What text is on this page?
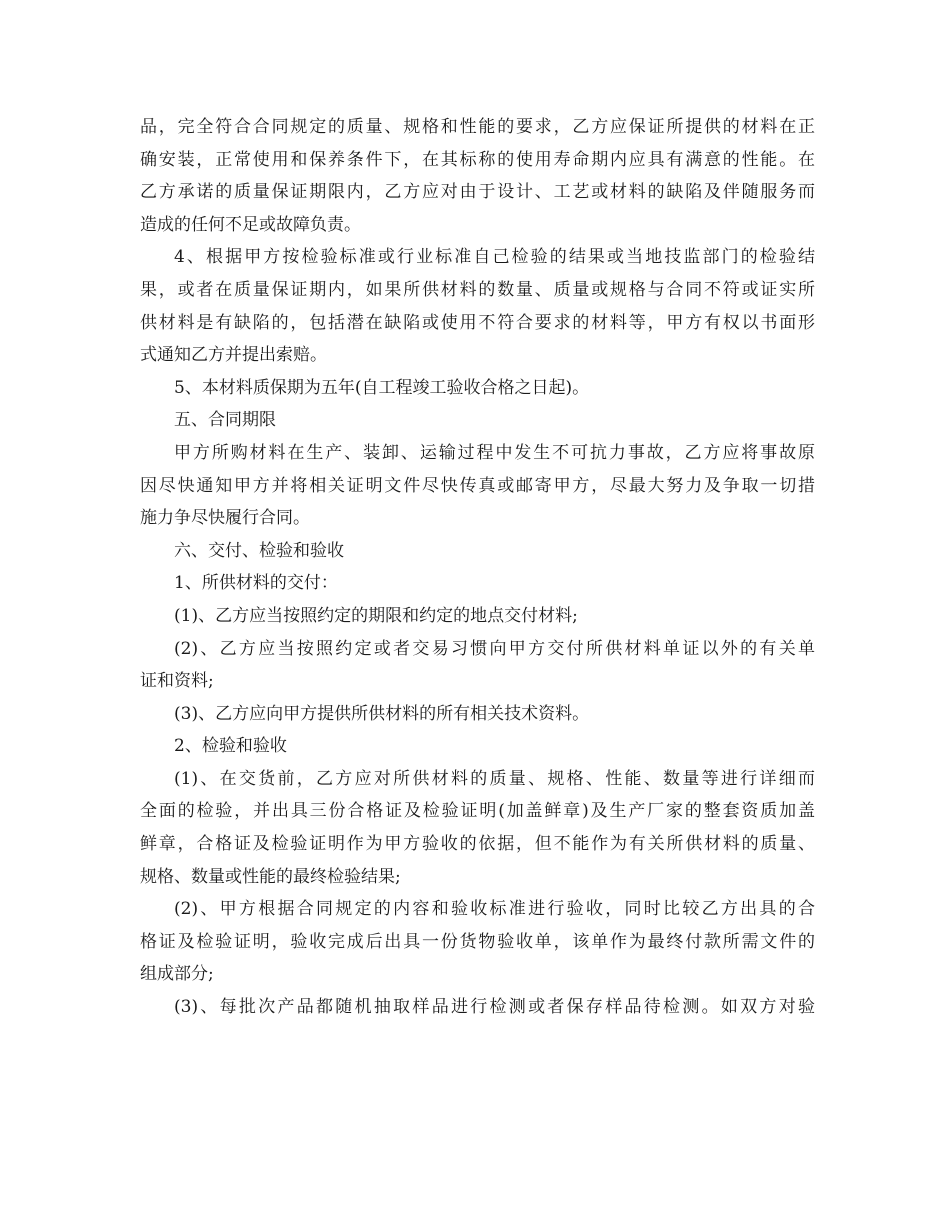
品，完全符合合同规定的质量、规格和性能的要求，乙方应保证所提供的材料在正
确安装，正常使用和保养条件下，在其标称的使用寿命期内应具有满意的性能。在
乙方承诺的质量保证期限内，乙方应对由于设计、工艺或材料的缺陷及伴随服务而
造成的任何不足或故障负责。
4、根据甲方按检验标准或行业标准自己检验的结果或当地技监部门的检验结
果，或者在质量保证期内，如果所供材料的数量、质量或规格与合同不符或证实所
供材料是有缺陷的，包括潜在缺陷或使用不符合要求的材料等，甲方有权以书面形
式通知乙方并提出索赔。
5、本材料质保期为五年(自工程竣工验收合格之日起)。
五、合同期限
甲方所购材料在生产、装卸、运输过程中发生不可抗力事故，乙方应将事故原
因尽快通知甲方并将相关证明文件尽快传真或邮寄甲方，尽最大努力及争取一切措
施力争尽快履行合同。
六、交付、检验和验收
1、所供材料的交付：
(1)、乙方应当按照约定的期限和约定的地点交付材料;
(2)、乙方应当按照约定或者交易习惯向甲方交付所供材料单证以外的有关单
证和资料;
(3)、乙方应向甲方提供所供材料的所有相关技术资料。
2、检验和验收
(1)、在交货前，乙方应对所供材料的质量、规格、性能、数量等进行详细而
全面的检验，并出具三份合格证及检验证明(加盖鲜章)及生产厂家的整套资质加盖
鲜章，合格证及检验证明作为甲方验收的依据，但不能作为有关所供材料的质量、
规格、数量或性能的最终检验结果;
(2)、甲方根据合同规定的内容和验收标准进行验收，同时比较乙方出具的合
格证及检验证明，验收完成后出具一份货物验收单，该单作为最终付款所需文件的
组成部分;
(3)、每批次产品都随机抽取样品进行检测或者保存样品待检测。如双方对验
